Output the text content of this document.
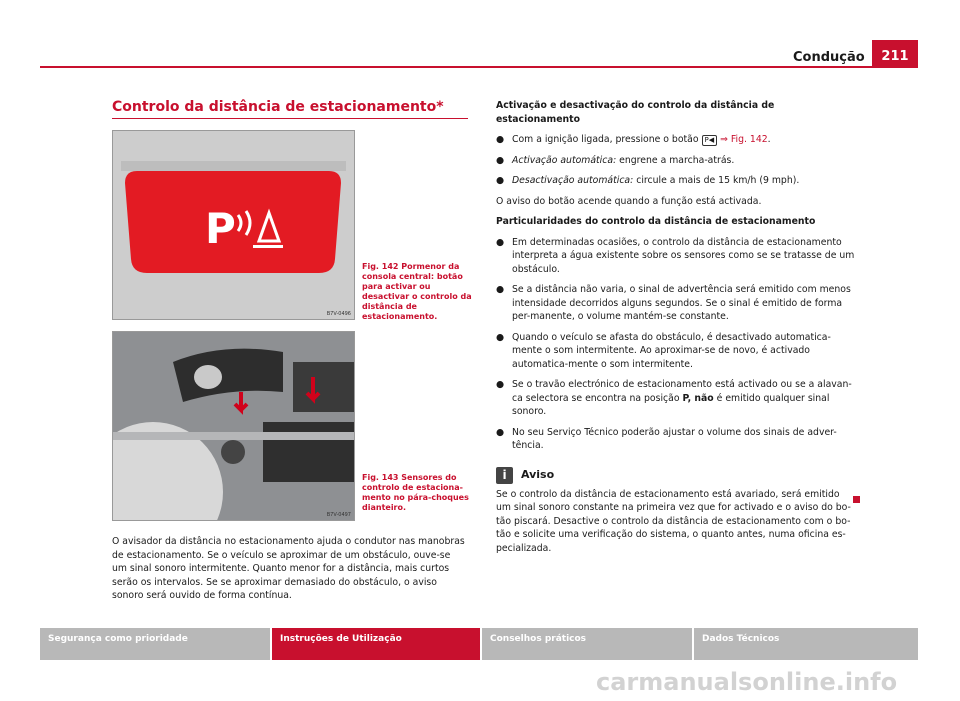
Condução	211
Controlo da distância de estacionamento*
P
B7V-0496
Fig. 142 Pormenor da consola central: botão para activar ou desactivar o controlo da distância de estacionamento.
B7V-0497
Fig. 143 Sensores do controlo de estaciona-mento no pára-choques dianteiro.
O avisador da distância no estacionamento ajuda o condutor nas manobras de estacionamento. Se o veículo se aproximar de um obstáculo, ouve-se um sinal sonoro intermitente. Quanto menor for a distância, mais curtos serão os intervalos. Se se aproximar demasiado do obstáculo, o aviso sonoro será ouvido de forma contínua.

Activação e desactivação do controlo da distância de estacionamento

● Com a ignição ligada, pressione o botão P◀ ⇒ Fig. 142.

● Activação automática: engrene a marcha-atrás.

● Desactivação automática: circule a mais de 15 km/h (9 mph).

O aviso do botão acende quando a função está activada.

Particularidades do controlo da distância de estacionamento

● Em determinadas ocasiões, o controlo da distância de estacionamento interpreta a água existente sobre os sensores como se se tratasse de um obstáculo.

● Se a distância não varia, o sinal de advertência será emitido com menos intensidade decorridos alguns segundos. Se o sinal é emitido de forma per-manente, o volume mantém-se constante.

● Quando o veículo se afasta do obstáculo, é desactivado automatica-mente o som intermitente. Ao aproximar-se de novo, é activado automatica-mente o som intermitente.

● Se o travão electrónico de estacionamento está activado ou se a alavan-ca selectora se encontra na posição P, não é emitido qualquer sinal sonoro.

● No seu Serviço Técnico poderão ajustar o volume dos sinais de adver-tência.

i	Aviso

Se o controlo da distância de estacionamento está avariado, será emitido um sinal sonoro constante na primeira vez que for activado e o aviso do bo-tão piscará. Desactive o controlo da distância de estacionamento com o bo-tão e solicite uma verificação do sistema, o quanto antes, numa oficina es-pecializada.

Segurança como prioridade	Instruções de Utilização	Conselhos práticos	Dados Técnicos
carmanualsonline.info
